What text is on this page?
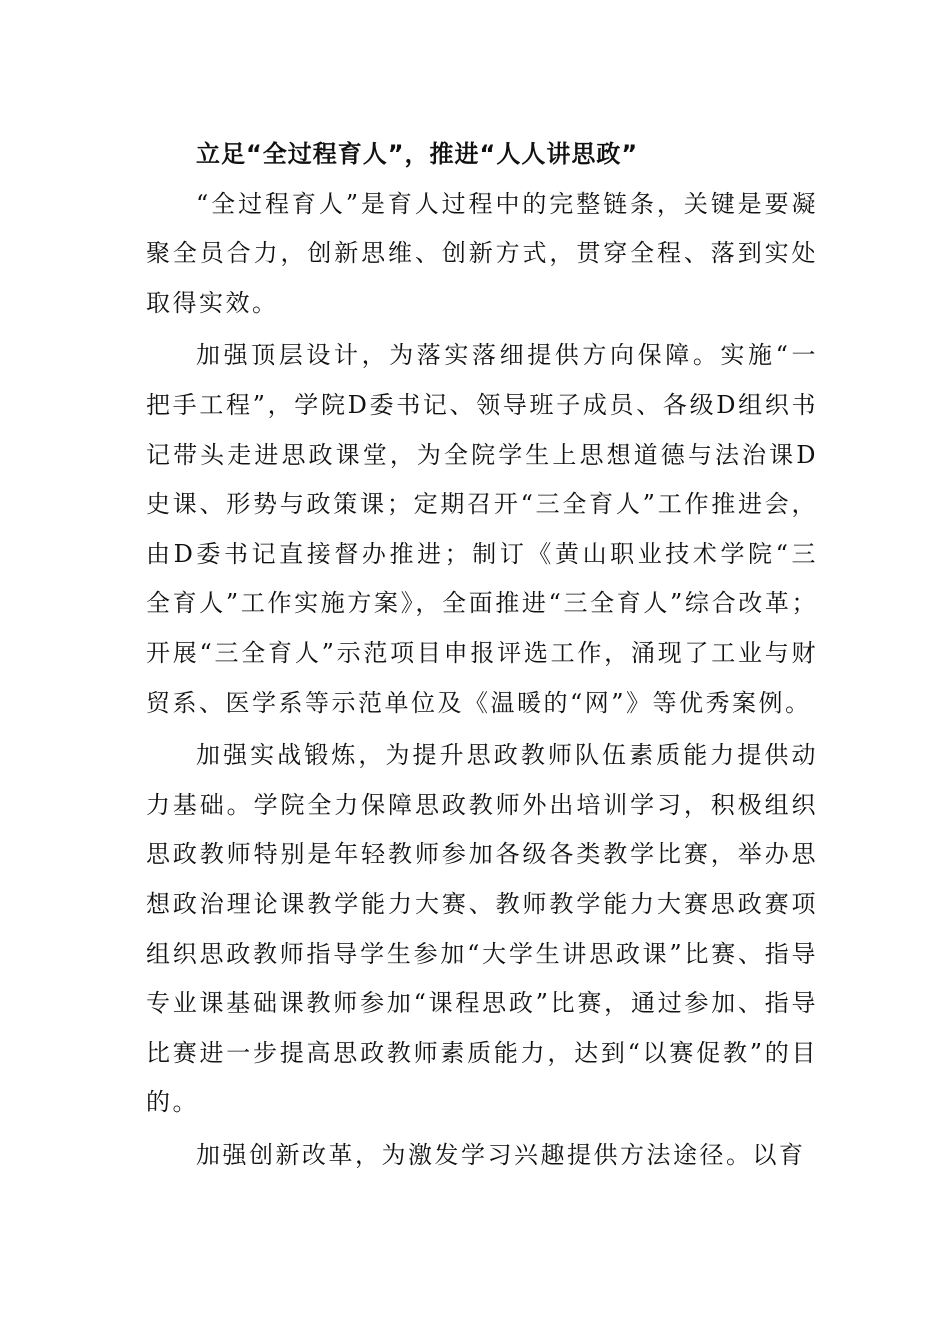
立足“全过程育人”，推进“人人讲思政”

“全过程育人”是育人过程中的完整链条，关键是要凝聚全员合力，创新思维、创新方式，贯穿全程、落到实处取得实效。

加强顶层设计，为落实落细提供方向保障。实施“一把手工程”，学院D委书记、领导班子成员、各级D组织书记带头走进思政课堂，为全院学生上思想道德与法治课D史课、形势与政策课；定期召开“三全育人”工作推进会，由D委书记直接督办推进；制订《黄山职业技术学院“三全育人”工作实施方案》，全面推进“三全育人”综合改革；开展“三全育人”示范项目申报评选工作，涌现了工业与财贸系、医学系等示范单位及《温暖的“网”》等优秀案例。

加强实战锻炼，为提升思政教师队伍素质能力提供动力基础。学院全力保障思政教师外出培训学习，积极组织思政教师特别是年轻教师参加各级各类教学比赛，举办思想政治理论课教学能力大赛、教师教学能力大赛思政赛项组织思政教师指导学生参加“大学生讲思政课”比赛、指导专业课基础课教师参加“课程思政”比赛，通过参加、指导比赛进一步提高思政教师素质能力，达到“以赛促教”的目的。

加强创新改革，为激发学习兴趣提供方法途径。以育
